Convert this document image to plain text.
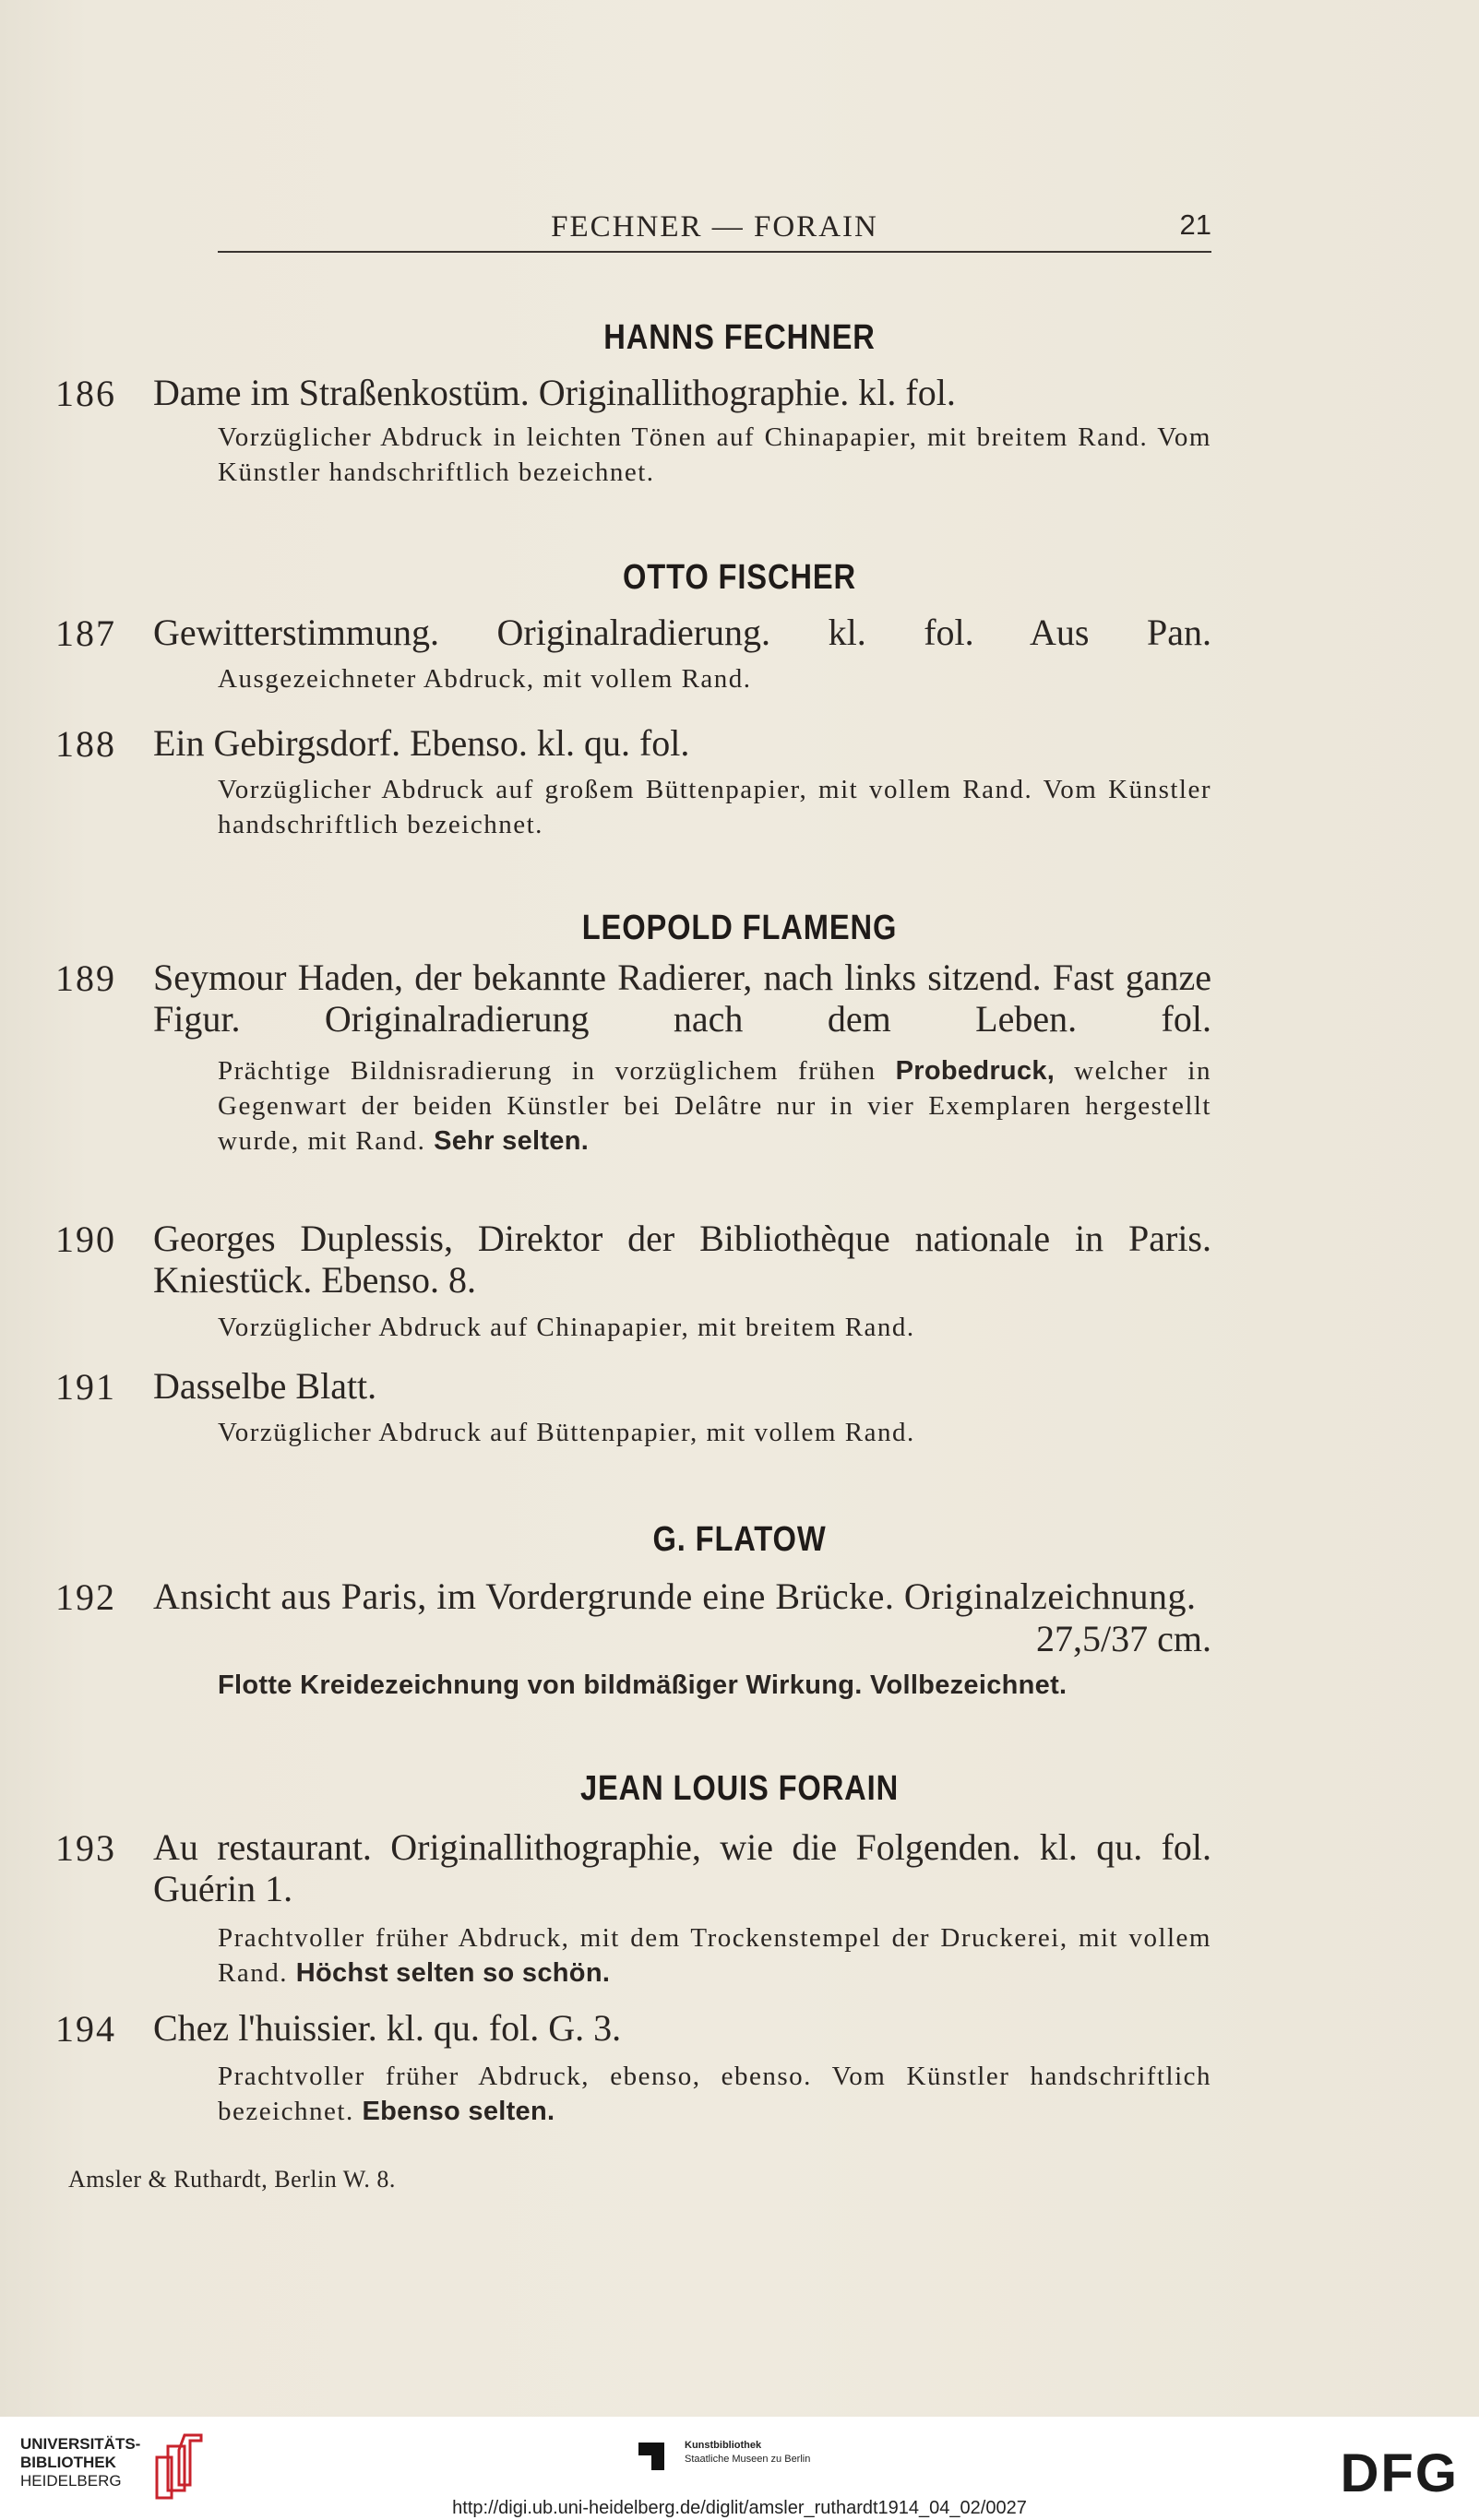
FECHNER — FORAIN	21
HANNS FECHNER
186	Dame im Straßenkostüm. Originallithographie. kl. fol.
Vorzüglicher Abdruck in leichten Tönen auf Chinapapier, mit breitem Rand. Vom Künstler handschriftlich bezeichnet.
OTTO FISCHER
187	Gewitterstimmung. Originalradierung. kl. fol. Aus Pan.
Ausgezeichneter Abdruck, mit vollem Rand.
188	Ein Gebirgsdorf. Ebenso. kl. qu. fol.
Vorzüglicher Abdruck auf großem Büttenpapier, mit vollem Rand. Vom Künstler handschriftlich bezeichnet.
LEOPOLD FLAMENG
189	Seymour Haden, der bekannte Radierer, nach links sitzend. Fast ganze Figur. Originalradierung nach dem Leben. fol.
Prächtige Bildnisradierung in vorzüglichem frühen Probedruck, welcher in Gegenwart der beiden Künstler bei Delâtre nur in vier Exemplaren hergestellt wurde, mit Rand. Sehr selten.
190	Georges Duplessis, Direktor der Bibliothèque nationale in Paris. Kniestück. Ebenso. 8.
Vorzüglicher Abdruck auf Chinapapier, mit breitem Rand.
191	Dasselbe Blatt.
Vorzüglicher Abdruck auf Büttenpapier, mit vollem Rand.
G. FLATOW
192	Ansicht aus Paris, im Vordergrunde eine Brücke. Originalzeichnung.
27,5/37 cm.
Flotte Kreidezeichnung von bildmäßiger Wirkung. Vollbezeichnet.
JEAN LOUIS FORAIN
193	Au restaurant. Originallithographie, wie die Folgenden. kl. qu. fol. Guérin 1.
Prachtvoller früher Abdruck, mit dem Trockenstempel der Druckerei, mit vollem Rand. Höchst selten so schön.
194	Chez l'huissier. kl. qu. fol. G. 3.
Prachtvoller früher Abdruck, ebenso, ebenso. Vom Künstler handschriftlich bezeichnet. Ebenso selten.
Amsler & Ruthardt, Berlin W. 8.
UNIVERSITÄTS-
BIBLIOTHEK
HEIDELBERG
Kunstbibliothek
Staatliche Museen zu Berlin	DFG
http://digi.ub.uni-heidelberg.de/diglit/amsler_ruthardt1914_04_02/0027
